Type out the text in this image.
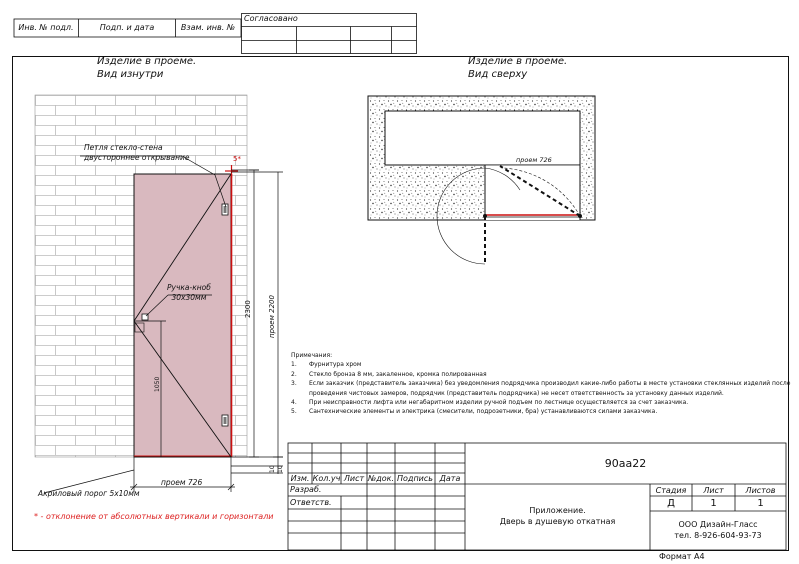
Инв. № подл.	Подп. и дата	Взам. инв. №
Согласовано
Изделие в проеме.
Вид изнутри
Изделие в проеме.
Вид сверху
Петля стекло-стена
двустороннее открывание
Ручка-кноб
30х30мм
5*
2300 проем 2200
1050
10 10
проем 726
проем 726
Акриловый порог 5х10мм
* - отклонение от абсолютных вертикали и горизонтали
Примечания:
1.	Фурнитура хром
2.	Стекло бронза 8 мм, закаленное, кромка полированная
3.	Если заказчик (представитель заказчика) без уведомления подрядчика производил какие-либо работы в месте установки стеклянных изделий после проведения чистовых замеров, подрядчик (представитель подрядчика) не несет ответственность за установку данных изделий.
4.	При неисправности лифта или негабаритном изделии ручной подъем по лестнице осуществляется за счет заказчика.
5.	Сантехнические элементы и электрика (смесители, подрозетники, бра) устанавливаются силами заказчика.
90aa22
Изм. Кол.уч Лист №док. Подпись Дата
Разраб.
Ответств.
Приложение.
Дверь в душевую откатная
Стадия	Лист	Листов
Д	1	1
ООО Дизайн-Гласс
тел. 8-926-604-93-73
Формат А4
